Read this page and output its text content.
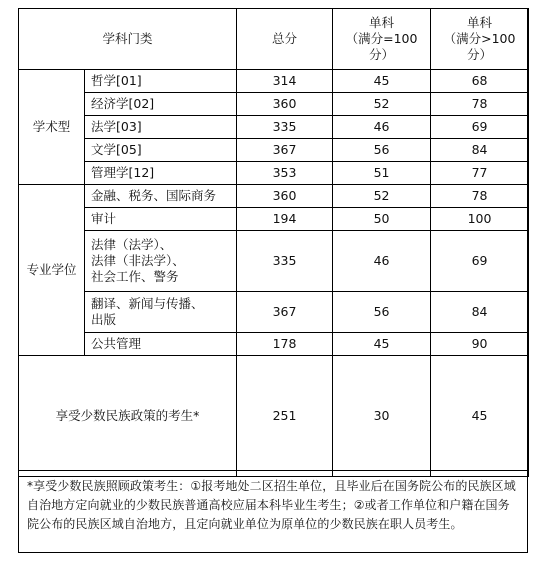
学科门类		总分	单科
（满分=100
分）	单科
（满分>100
分）
学术型	哲学[01]	314	45	68
	经济学[02]	360	52	78
	法学[03]	335	46	69
	文学[05]	367	56	84
	管理学[12]	353	51	77
专业学位	金融、税务、国际商务	360	52	78
	审计	194	50	100
	法律（法学）、
法律（非法学）、
社会工作、警务	335	46	69
	翻译、新闻与传播、
出版	367	56	84
	公共管理	178	45	90
享受少数民族政策的考生*		251	30	45
*享受少数民族照顾政策考生：①报考地处二区招生单位，且毕业后在国务院公布的民族区域自治地方定向就业的少数民族普通高校应届本科毕业生考生；②或者工作单位和户籍在国务院公布的民族区域自治地方，且定向就业单位为原单位的少数民族在职人员考生。
